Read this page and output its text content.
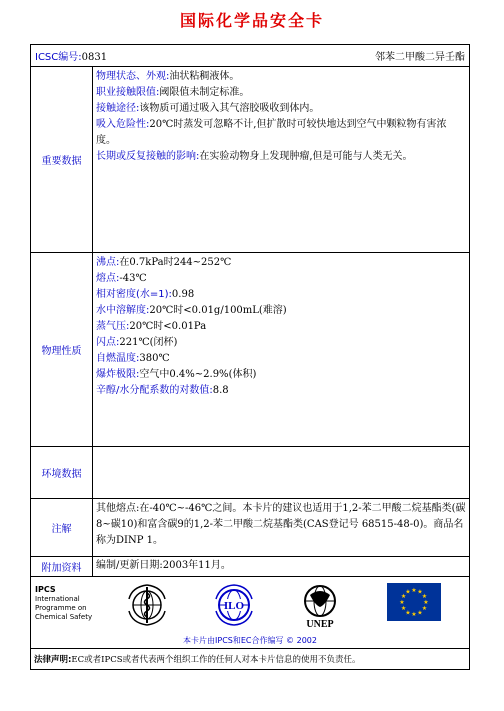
国际化学品安全卡
ICSC编号:0831	邻苯二甲酸二异壬酯
重要数据

物理状态、外观:油状粘稠液体。

职业接触限值:阈限值未制定标准。

接触途径:该物质可通过吸入其气溶胶吸收到体内。

吸入危险性:20℃时蒸发可忽略不计,但扩散时可较快地达到空气中颗粒物有害浓度。

长期或反复接触的影响:在实验动物身上发现肿瘤,但是可能与人类无关。

物理性质

沸点:在0.7kPa时244~252℃

熔点:-43℃

相对密度(水=1):0.98

水中溶解度:20℃时<0.01g/100mL(难溶)

蒸气压:20℃时<0.01Pa

闪点:221℃(闭杯)

自燃温度:380℃

爆炸极限:空气中0.4%~2.9%(体积)

辛醇/水分配系数的对数值:8.8

环境数据
注解
其他熔点:在-40℃~-46℃之间。本卡片的建议也适用于1,2-苯二甲酸二烷基酯类(碳8~碳10)和富含碳9的1,2-苯二甲酸二烷基酯类(CAS登记号 68515-48-0)。商品名称为DINP 1。
附加资料	编制/更新日期:2003年11月。
IPCS
International
Programme on
Chemical Safety
ILO
UNEP
★ ★
★
★
★
★
★
★
★
★
★
★
本卡片由IPCS和EC合作编写 © 2002
法律声明: EC或者IPCS或者代表两个组织工作的任何人对本卡片信息的使用不负责任。
